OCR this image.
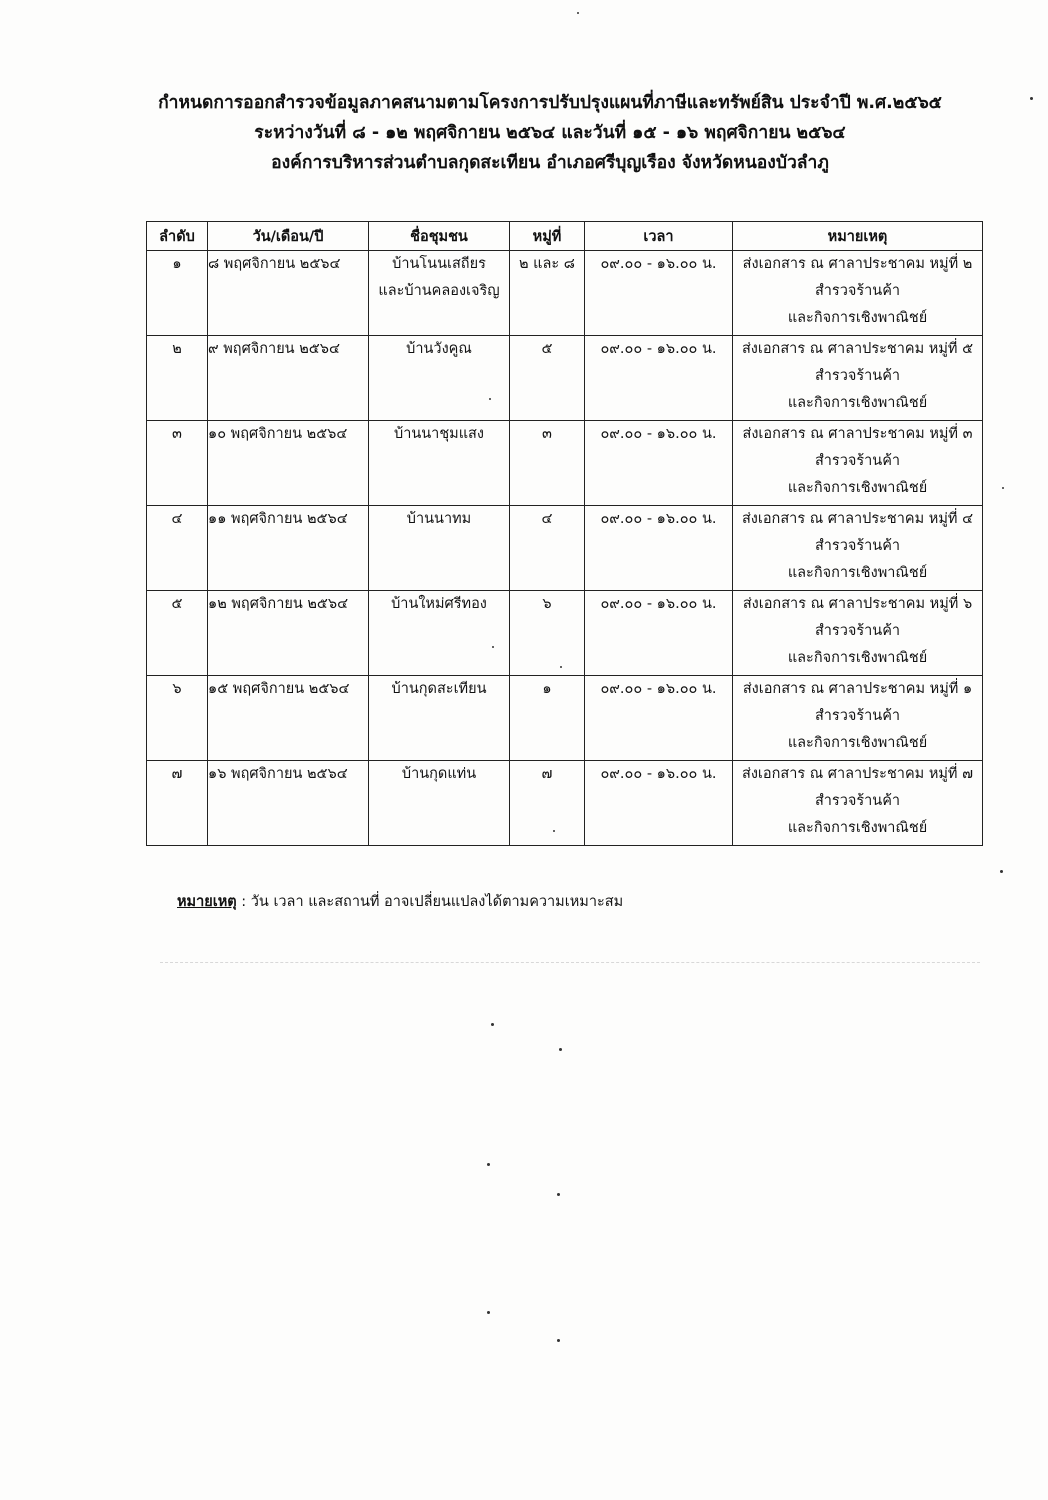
กำหนดการออกสำรวจข้อมูลภาคสนามตามโครงการปรับปรุงแผนที่ภาษีและทรัพย์สิน ประจำปี พ.ศ.๒๕๖๕
ระหว่างวันที่ ๘ - ๑๒ พฤศจิกายน ๒๕๖๔ และวันที่ ๑๕ - ๑๖ พฤศจิกายน ๒๕๖๔
องค์การบริหารส่วนตำบลกุดสะเทียน อำเภอศรีบุญเรือง จังหวัดหนองบัวลำภู
ลำดับ	วัน/เดือน/ปี	ชื่อชุมชน	หมู่ที่	เวลา	หมายเหตุ
๑	๘ พฤศจิกายน ๒๕๖๔	บ้านโนนเสถียร
และบ้านคลองเจริญ	๒ และ ๘	๐๙.๐๐ - ๑๖.๐๐ น.	ส่งเอกสาร ณ ศาลาประชาคม หมู่ที่ ๒
สำรวจร้านค้า
และกิจการเชิงพาณิชย์

๒	๙ พฤศจิกายน ๒๕๖๔	บ้านวังคูณ	๕	๐๙.๐๐ - ๑๖.๐๐ น.	ส่งเอกสาร ณ ศาลาประชาคม หมู่ที่ ๕
สำรวจร้านค้า
และกิจการเชิงพาณิชย์

๓	๑๐ พฤศจิกายน ๒๕๖๔	บ้านนาชุมแสง	๓	๐๙.๐๐ - ๑๖.๐๐ น.	ส่งเอกสาร ณ ศาลาประชาคม หมู่ที่ ๓
สำรวจร้านค้า
และกิจการเชิงพาณิชย์

๔	๑๑ พฤศจิกายน ๒๕๖๔	บ้านนาทม	๔	๐๙.๐๐ - ๑๖.๐๐ น.	ส่งเอกสาร ณ ศาลาประชาคม หมู่ที่ ๔
สำรวจร้านค้า
และกิจการเชิงพาณิชย์

๕	๑๒ พฤศจิกายน ๒๕๖๔	บ้านใหม่ศรีทอง	๖	๐๙.๐๐ - ๑๖.๐๐ น.	ส่งเอกสาร ณ ศาลาประชาคม หมู่ที่ ๖
สำรวจร้านค้า
และกิจการเชิงพาณิชย์

๖	๑๕ พฤศจิกายน ๒๕๖๔	บ้านกุดสะเทียน	๑	๐๙.๐๐ - ๑๖.๐๐ น.	ส่งเอกสาร ณ ศาลาประชาคม หมู่ที่ ๑
สำรวจร้านค้า
และกิจการเชิงพาณิชย์

๗	๑๖ พฤศจิกายน ๒๕๖๔	บ้านกุดแท่น	๗	๐๙.๐๐ - ๑๖.๐๐ น.	ส่งเอกสาร ณ ศาลาประชาคม หมู่ที่ ๗
สำรวจร้านค้า
และกิจการเชิงพาณิชย์
หมายเหตุ : วัน เวลา และสถานที่ อาจเปลี่ยนแปลงได้ตามความเหมาะสม
